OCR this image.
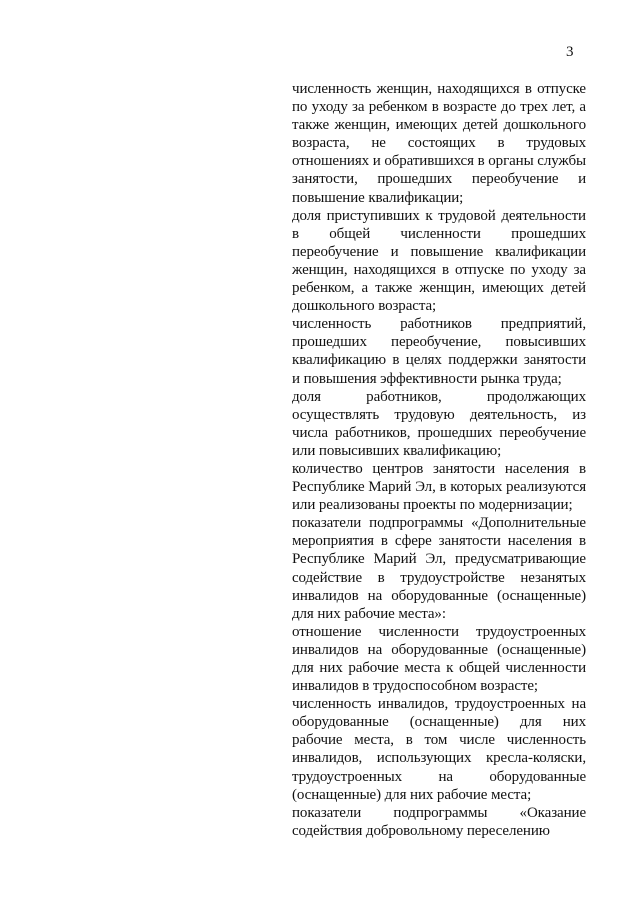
3

численность женщин, находящихся в отпуске по уходу за ребенком в возрасте до трех лет, а также женщин, имеющих детей дошкольного возраста, не состоящих в трудовых отношениях и обратившихся в органы службы занятости, прошедших переобучение и повышение квалификации;

доля приступивших к трудовой деятельности в общей численности прошедших переобучение и повышение квалификации женщин, находящихся в отпуске по уходу за ребенком, а также женщин, имеющих детей дошкольного возраста;

численность работников предприятий, прошедших переобучение, повысивших квалификацию в целях поддержки занятости и повышения эффективности рынка труда;

доля работников, продолжающих осуществлять трудовую деятельность, из числа работников, прошедших переобучение или повысивших квалификацию;

количество центров занятости населения в Республике Марий Эл, в которых реализуются или реализованы проекты по модернизации;

показатели подпрограммы «Дополнительные мероприятия в сфере занятости населения в Республике Марий Эл, предусматривающие содействие в трудоустройстве незанятых инвалидов на оборудованные (оснащенные) для них рабочие места»:

отношение численности трудоустроенных инвалидов на оборудованные (оснащенные) для них рабочие места к общей численности инвалидов в трудоспособном возрасте;

численность инвалидов, трудоустроенных на оборудованные (оснащенные) для них рабочие места, в том числе численность инвалидов, использующих кресла-коляски, трудоустроенных на оборудованные (оснащенные) для них рабочие места;

показатели подпрограммы «Оказание содействия добровольному переселению
